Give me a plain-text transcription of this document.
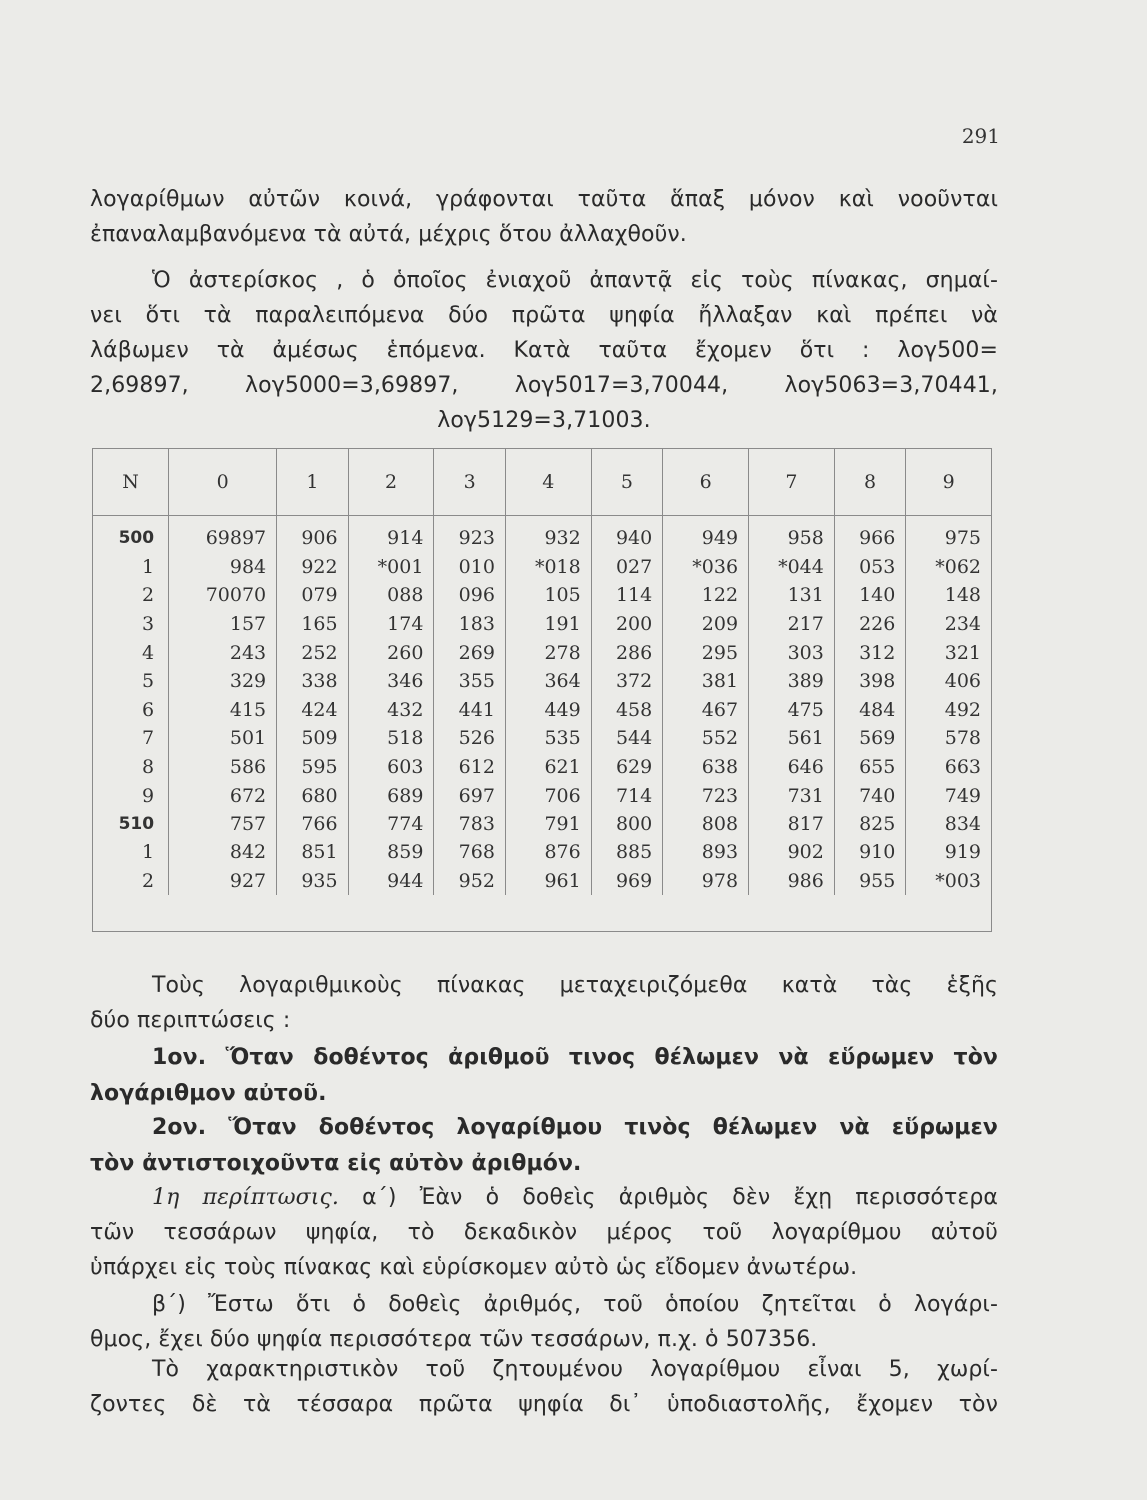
291
λογαρίθμων αὐτῶν κοινά, γράφονται ταῦτα ἅπαξ μόνον καὶ νοοῦνται
ἐπαναλαμβανόμενα τὰ αὐτά, μέχρις ὅτου ἀλλαχθοῦν.
Ὁ ἀστερίσκος , ὁ ὁποῖος ἐνιαχοῦ ἀπαντᾷ εἰς τοὺς πίνακας, σημαί-
νει ὅτι τὰ παραλειπόμενα δύο πρῶτα ψηφία ἤλλαξαν καὶ πρέπει νὰ
λάβωμεν τὰ ἀμέσως ἑπόμενα. Κατὰ ταῦτα ἔχομεν ὅτι : λογ500=
2,69897, λογ5000=3,69897, λογ5017=3,70044, λογ5063=3,70441,
λογ5129=3,71003.
N	0	1	2	3	4	5	6	7	8	9
500	69897	906	914	923	932	940	949	958	966	975
1	984	922	*001	010	*018	027	*036	*044	053	*062
2	70070	079	088	096	105	114	122	131	140	148
3	157	165	174	183	191	200	209	217	226	234
4	243	252	260	269	278	286	295	303	312	321
5	329	338	346	355	364	372	381	389	398	406
6	415	424	432	441	449	458	467	475	484	492
7	501	509	518	526	535	544	552	561	569	578
8	586	595	603	612	621	629	638	646	655	663
9	672	680	689	697	706	714	723	731	740	749
510	757	766	774	783	791	800	808	817	825	834
1	842	851	859	768	876	885	893	902	910	919
2	927	935	944	952	961	969	978	986	955	*003
Τοὺς λογαριθμικοὺς πίνακας μεταχειριζόμεθα κατὰ τὰς ἑξῆς
δύο περιπτώσεις :
1ον. Ὅταν δοθέντος ἀριθμοῦ τινος θέλωμεν νὰ εὕρωμεν τὸν
λογάριθμον αὐτοῦ.
2ον. Ὅταν δοθέντος λογαρίθμου τινὸς θέλωμεν νὰ εὕρωμεν
τὸν ἀντιστοιχοῦντα εἰς αὐτὸν ἀριθμόν.
1η περίπτωσις. α΄) Ἐὰν ὁ δοθεὶς ἀριθμὸς δὲν ἔχῃ περισσότερα
τῶν τεσσάρων ψηφία, τὸ δεκαδικὸν μέρος τοῦ λογαρίθμου αὐτοῦ
ὑπάρχει εἰς τοὺς πίνακας καὶ εὑρίσκομεν αὐτὸ ὡς εἴδομεν ἀνωτέρω.
β΄) Ἔστω ὅτι ὁ δοθεὶς ἀριθμός, τοῦ ὁποίου ζητεῖται ὁ λογάρι-
θμος, ἔχει δύο ψηφία περισσότερα τῶν τεσσάρων, π.χ. ὁ 507356.
Τὸ χαρακτηριστικὸν τοῦ ζητουμένου λογαρίθμου εἶναι 5, χωρί-
ζοντες δὲ τὰ τέσσαρα πρῶτα ψηφία δι᾽ ὑποδιαστολῆς, ἔχομεν τὸν
